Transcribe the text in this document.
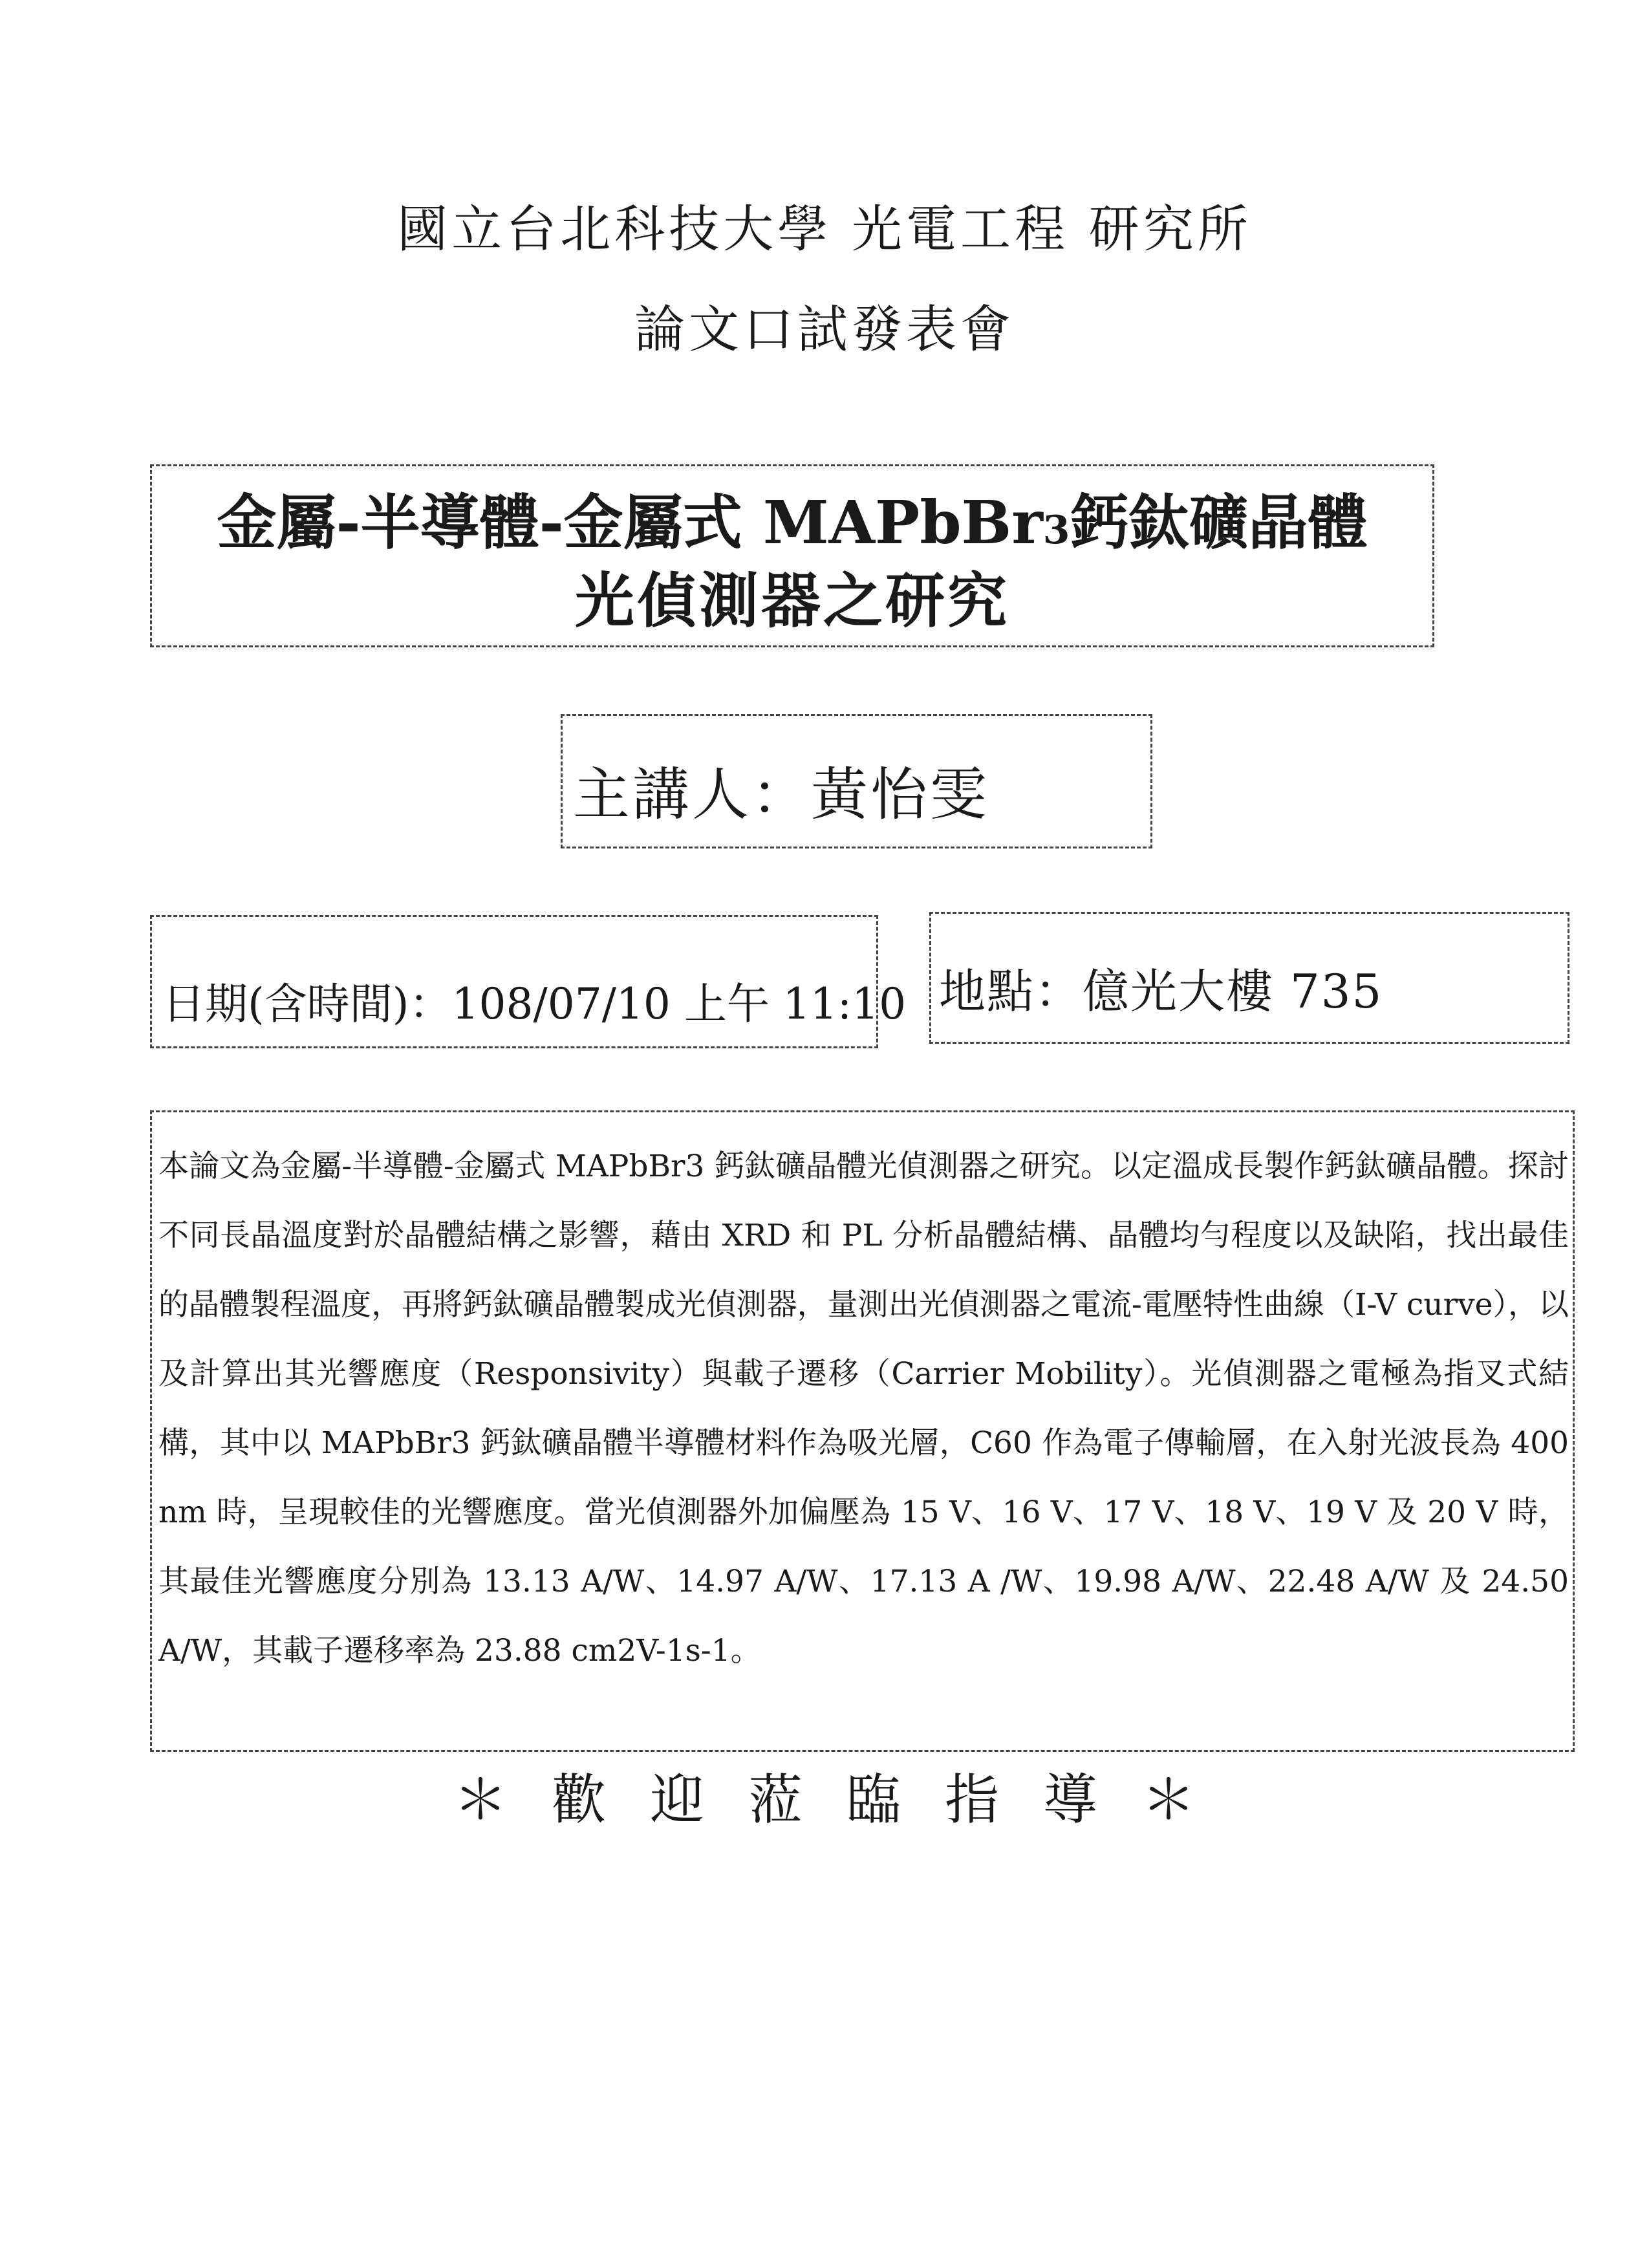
國立台北科技大學 光電工程 研究所
論文口試發表會
金屬-半導體-金屬式 MAPbBr3鈣鈦礦晶體
光偵測器之研究
主講人：黃怡雯
日期(含時間)：108/07/10 上午 11:10 地點：億光大樓 735
本論文為金屬-半導體-金屬式 MAPbBr3 鈣鈦礦晶體光偵測器之研究。以定溫成長製作鈣鈦礦晶體。探討不同長晶溫度對於晶體結構之影響，藉由 XRD 和 PL 分析晶體結構、晶體均勻程度以及缺陷，找出最佳的晶體製程溫度，再將鈣鈦礦晶體製成光偵測器，量測出光偵測器之電流-電壓特性曲線（I-V curve），以及計算出其光響應度（Responsivity）與載子遷移（Carrier Mobility）。光偵測器之電極為指叉式結構，其中以 MAPbBr3 鈣鈦礦晶體半導體材料作為吸光層，C60 作為電子傳輸層，在入射光波長為 400 nm 時，呈現較佳的光響應度。當光偵測器外加偏壓為 15 V、16 V、17 V、18 V、19 V 及 20 V 時，其最佳光響應度分別為 13.13 A/W、14.97 A/W、17.13 A /W、19.98 A/W、22.48 A/W 及 24.50 A/W，其載子遷移率為 23.88 cm2V-1s-1。
＊歡迎蒞臨指導＊
